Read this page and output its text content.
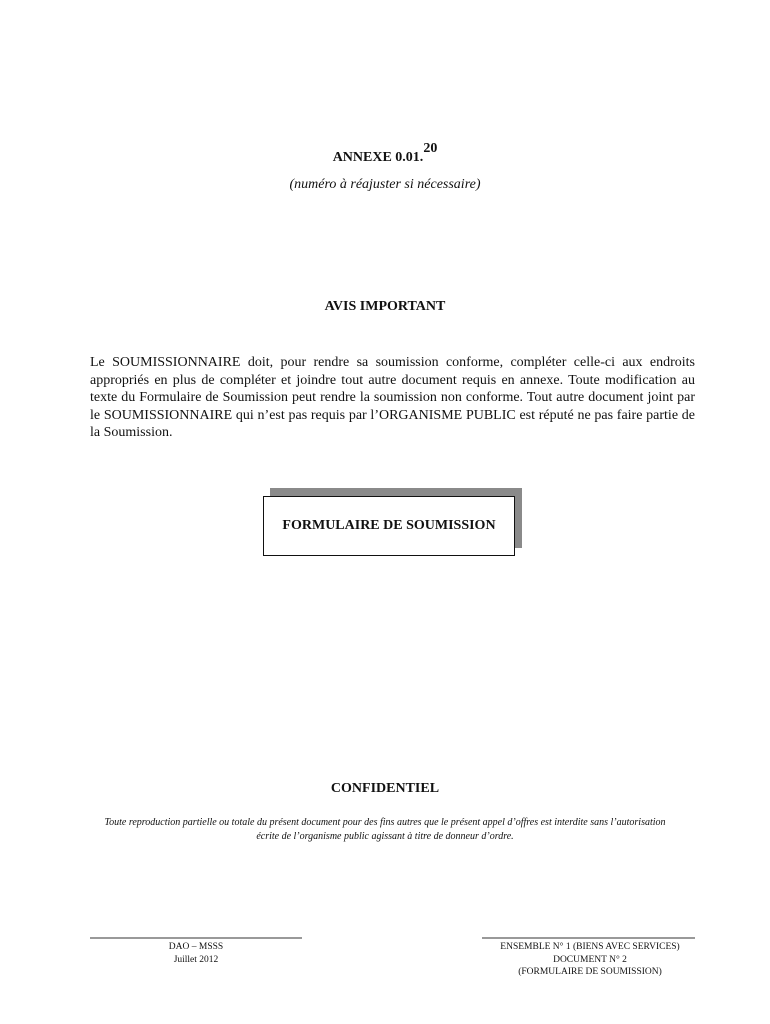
ANNEXE 0.01.20
(numéro à réajuster si nécessaire)
AVIS IMPORTANT
Le SOUMISSIONNAIRE doit, pour rendre sa soumission conforme, compléter celle-ci aux endroits appropriés en plus de compléter et joindre tout autre document requis en annexe. Toute modification au texte du Formulaire de Soumission peut rendre la soumission non conforme. Tout autre document joint par le SOUMISSIONNAIRE qui n’est pas requis par l’ORGANISME PUBLIC est réputé ne pas faire partie de la Soumission.
FORMULAIRE DE SOUMISSION
CONFIDENTIEL
Toute reproduction partielle ou totale du présent document pour des fins autres que le présent appel d’offres est interdite sans l’autorisation écrite de l’organisme public agissant à titre de donneur d’ordre.
DAO – MSSS
Juillet 2012
ENSEMBLE N° 1 (BIENS AVEC SERVICES)
DOCUMENT N° 2
(FORMULAIRE DE SOUMISSION)
